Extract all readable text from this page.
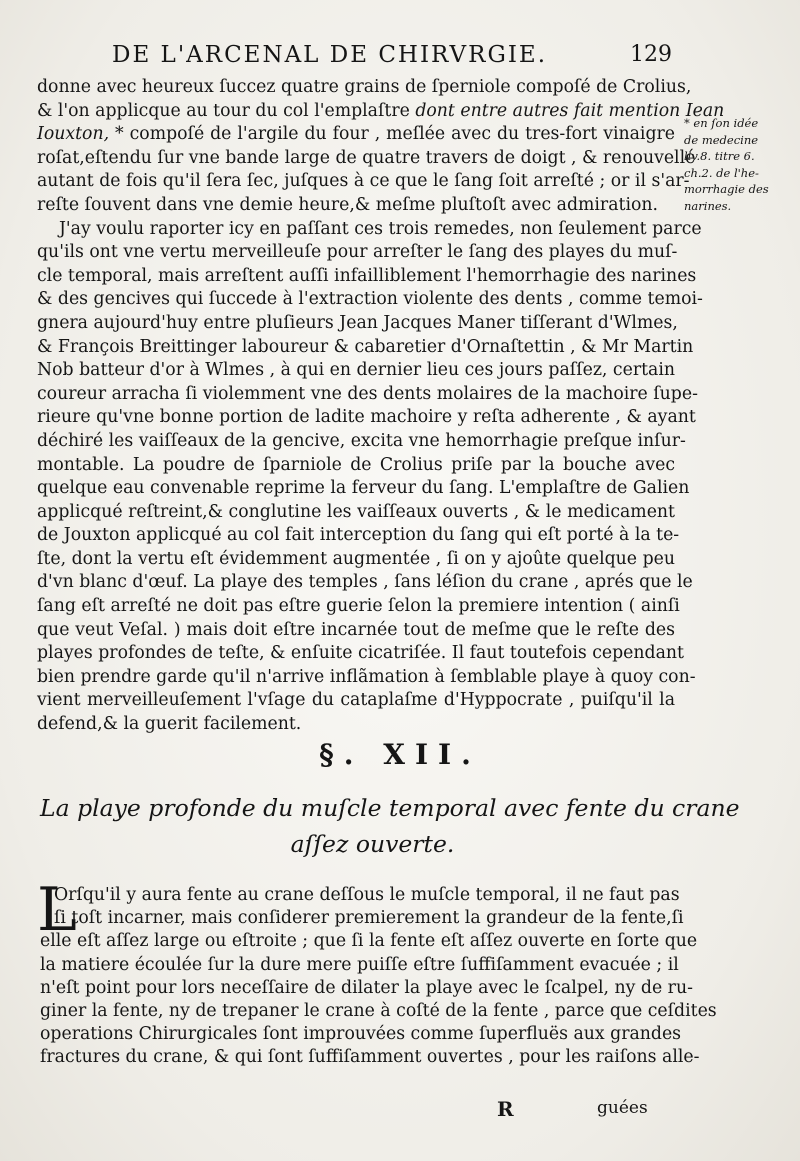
DE L'ARCENAL DE CHIRVRGIE.	129
donne avec heureux ſuccez quatre grains de ſperniole compoſé de Crolius,
& l'on applicque au tour du col l'emplaſtre dont entre autres fait mention Iean
Iouxton, * compoſé de l'argile du four , meſlée avec du tres-fort vinaigre
roſat,eſtendu ſur vne bande large de quatre travers de doigt , & renouvellé
autant de fois qu'il ſera ſec, juſques à ce que le ſang ſoit arreſté ; or il s'ar-
reſte ſouvent dans vne demie heure,& meſme pluſtoſt avec admiration.
J'ay voulu raporter icy en paſſant ces trois remedes, non ſeulement parce
qu'ils ont vne vertu merveilleuſe pour arreſter le ſang des playes du muſ-
cle temporal, mais arreſtent auſſi infailliblement l'hemorrhagie des narines
& des gencives qui ſuccede à l'extraction violente des dents , comme temoi-
gnera aujourd'huy entre pluſieurs Jean Jacques Maner tiſſerant d'Wlmes,
& François Breittinger laboureur & cabaretier d'Ornaſtettin , & Mr Martin
Nob batteur d'or à Wlmes , à qui en dernier lieu ces jours paſſez, certain
coureur arracha ſi violemment vne des dents molaires de la machoire ſupe-
rieure qu'vne bonne portion de ladite machoire y reſta adherente , & ayant
déchiré les vaiſſeaux de la gencive, excita vne hemorrhagie preſque inſur-
montable. La poudre de ſparniole de Crolius priſe par la bouche avec
quelque eau convenable reprime la ferveur du ſang. L'emplaſtre de Galien
applicqué reſtreint,& conglutine les vaiſſeaux ouverts , & le medicament
de Jouxton applicqué au col fait interception du ſang qui eſt porté à la te-
ſte, dont la vertu eſt évidemment augmentée , ſi on y ajoûte quelque peu
d'vn blanc d'œuf. La playe des temples , ſans léſion du crane , aprés que le
ſang eſt arreſté ne doit pas eſtre guerie ſelon la premiere intention ( ainſi
que veut Veſal. ) mais doit eſtre incarnée tout de meſme que le reſte des
playes profondes de teſte, & enſuite cicatriſée. Il faut toutefois cependant
bien prendre garde qu'il n'arrive inflãmation à ſemblable playe à quoy con-
vient merveilleuſement l'vſage du cataplaſme d'Hyppocrate , puiſqu'il la
defend,& la guerit facilement.
* en ſon idée
de medecine
liv.8. titre 6.
ch.2. de l'he-
morrhagie des
narines.
§. XII.
La playe profonde du muſcle temporal avec fente du crane
aſſez ouverte.
L
Orſqu'il y aura fente au crane deſſous le muſcle temporal, il ne faut pas
ſi toſt incarner, mais conſiderer premierement la grandeur de la fente,ſi
elle eſt aſſez large ou eſtroite ; que ſi la fente eſt aſſez ouverte en ſorte que
la matiere écoulée ſur la dure mere puiſſe eſtre ſuffiſamment evacuée ; il
n'eſt point pour lors neceſſaire de dilater la playe avec le ſcalpel, ny de ru-
giner la fente, ny de trepaner le crane à coſté de la fente , parce que ceſdites
operations Chirurgicales ſont improuvées comme ſuperfluës aux grandes
fractures du crane, & qui ſont ſuffiſamment ouvertes , pour les raiſons alle-
R	guées
